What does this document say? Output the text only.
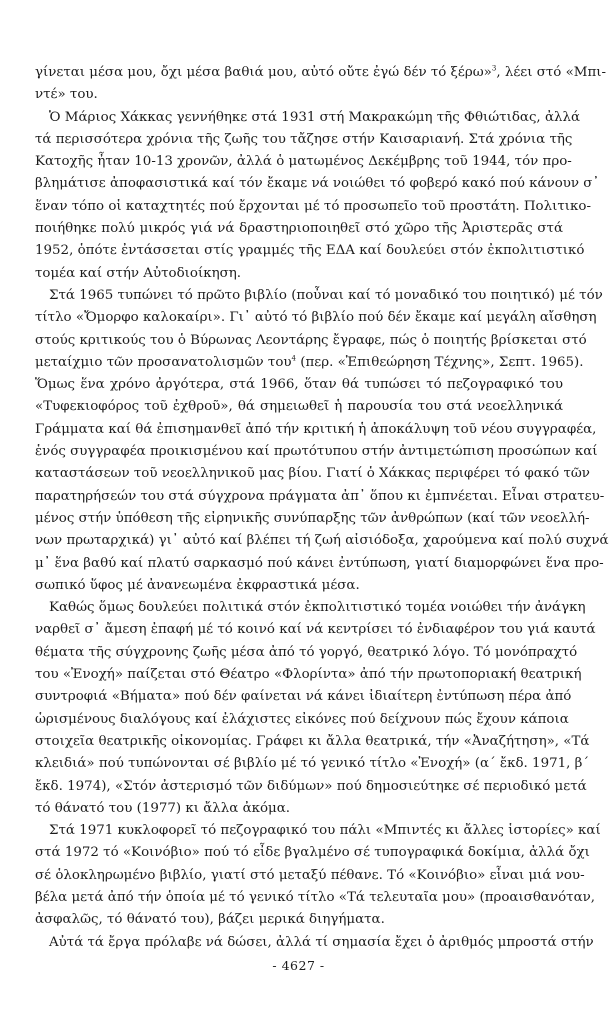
γίνεται μέσα μου, ὄχι μέσα βαθιά μου, αὐτό οὔτε ἐγώ δέν τό ξέρω»$^3$, λέει στό «Μπι-
ντέ» του.
Ὁ Μάριος Χάκκας γεννήθηκε στά 1931 στή Μακρακώμη τῆς Φθιώτιδας, ἀλλά
τά περισσότερα χρόνια τῆς ζωῆς του τἄζησε στήν Καισαριανή. Στά χρόνια τῆς
Κατοχῆς ἦταν 10-13 χρονῶν, ἀλλά ὁ ματωμένος Δεκέμβρης τοῦ 1944, τόν προ-
βλημάτισε ἀποφασιστικά καί τόν ἔκαμε νά νοιώθει τό φοβερό κακό πού κάνουν σ᾽
ἕναν τόπο οἱ καταχτητές πού ἔρχονται μέ τό προσωπεῖο τοῦ προστάτη. Πολιτικο-
ποιήθηκε πολύ μικρός γιά νά δραστηριοποιηθεῖ στό χῶρο τῆς Ἀριστερᾶς στά
1952, ὁπότε ἐντάσσεται στίς γραμμές τῆς ΕΔΑ καί δουλεύει στόν ἐκπολιτιστικό
τομέα καί στήν Αὐτοδιοίκηση.
Στά 1965 τυπώνει τό πρῶτο βιβλίο (ποὖναι καί τό μοναδικό του ποιητικό) μέ τόν
τίτλο «Ὄμορφο καλοκαίρι». Γι᾽ αὐτό τό βιβλίο πού δέν ἔκαμε καί μεγάλη αἴσθηση
στούς κριτικούς του ὁ Βύρωνας Λεοντάρης ἔγραφε, πώς ὁ ποιητής βρίσκεται στό
μεταίχμιο τῶν προσανατολισμῶν του$^4$ (περ. «Ἐπιθεώρηση Τέχνης», Σεπτ. 1965).
Ὅμως ἕνα χρόνο ἀργότερα, στά 1966, ὅταν θά τυπώσει τό πεζογραφικό του
«Τυφεκιοφόρος τοῦ ἐχθροῦ», θά σημειωθεῖ ἡ παρουσία του στά νεοελληνικά
Γράμματα καί θά ἐπισημανθεῖ ἀπό τήν κριτική ἡ ἀποκάλυψη τοῦ νέου συγγραφέα,
ἑνός συγγραφέα προικισμένου καί πρωτότυπου στήν ἀντιμετώπιση προσώπων καί
καταστάσεων τοῦ νεοελληνικοῦ μας βίου. Γιατί ὁ Χάκκας περιφέρει τό φακό τῶν
παρατηρήσεών του στά σύγχρονα πράγματα ἀπ᾽ ὅπου κι ἐμπνέεται. Εἶναι στρατευ-
μένος στήν ὑπόθεση τῆς εἰρηνικῆς συνύπαρξης τῶν ἀνθρώπων (καί τῶν νεοελλή-
νων πρωταρχικά) γι᾽ αὐτό καί βλέπει τή ζωή αἰσιόδοξα, χαρούμενα καί πολύ συχνά
μ᾽ ἕνα βαθύ καί πλατύ σαρκασμό πού κάνει ἐντύπωση, γιατί διαμορφώνει ἕνα προ-
σωπικό ὕφος μέ ἀνανεωμένα ἐκφραστικά μέσα.
Καθώς ὅμως δουλεύει πολιτικά στόν ἐκπολιτιστικό τομέα νοιώθει τήν ἀνάγκη
ναρθεῖ σ᾽ ἄμεση ἐπαφή μέ τό κοινό καί νά κεντρίσει τό ἐνδιαφέρον του γιά καυτά
θέματα τῆς σύγχρονης ζωῆς μέσα ἀπό τό γοργό, θεατρικό λόγο. Τό μονόπραχτό
του «Ἐνοχή» παίζεται στό Θέατρο «Φλορίντα» ἀπό τήν πρωτοποριακή θεατρική
συντροφιά «Βήματα» πού δέν φαίνεται νά κάνει ἰδιαίτερη ἐντύπωση πέρα ἀπό
ὡρισμένους διαλόγους καί ἐλάχιστες εἰκόνες πού δείχνουν πώς ἔχουν κάποια
στοιχεῖα θεατρικῆς οἰκονομίας. Γράφει κι ἄλλα θεατρικά, τήν «Ἀναζήτηση», «Τά
κλειδιά» πού τυπώνονται σέ βιβλίο μέ τό γενικό τίτλο «Ἐνοχή» (α΄ ἔκδ. 1971, β΄
ἔκδ. 1974), «Στόν ἀστερισμό τῶν διδύμων» πού δημοσιεύτηκε σέ περιοδικό μετά
τό θάνατό του (1977) κι ἄλλα ἀκόμα.
Στά 1971 κυκλοφορεῖ τό πεζογραφικό του πάλι «Μπιντές κι ἄλλες ἱστορίες» καί
στά 1972 τό «Κοινόβιο» πού τό εἶδε βγαλμένο σέ τυπογραφικά δοκίμια, ἀλλά ὄχι
σέ ὁλοκληρωμένο βιβλίο, γιατί στό μεταξύ πέθανε. Τό «Κοινόβιο» εἶναι μιά νου-
βέλα μετά ἀπό τήν ὁποία μέ τό γενικό τίτλο «Τά τελευταῖα μου» (προαισθανόταν,
ἀσφαλῶς, τό θάνατό του), βάζει μερικά διηγήματα.
Αὐτά τά ἔργα πρόλαβε νά δώσει, ἀλλά τί σημασία ἔχει ὁ ἀριθμός μπροστά στήν
- 4627 -
